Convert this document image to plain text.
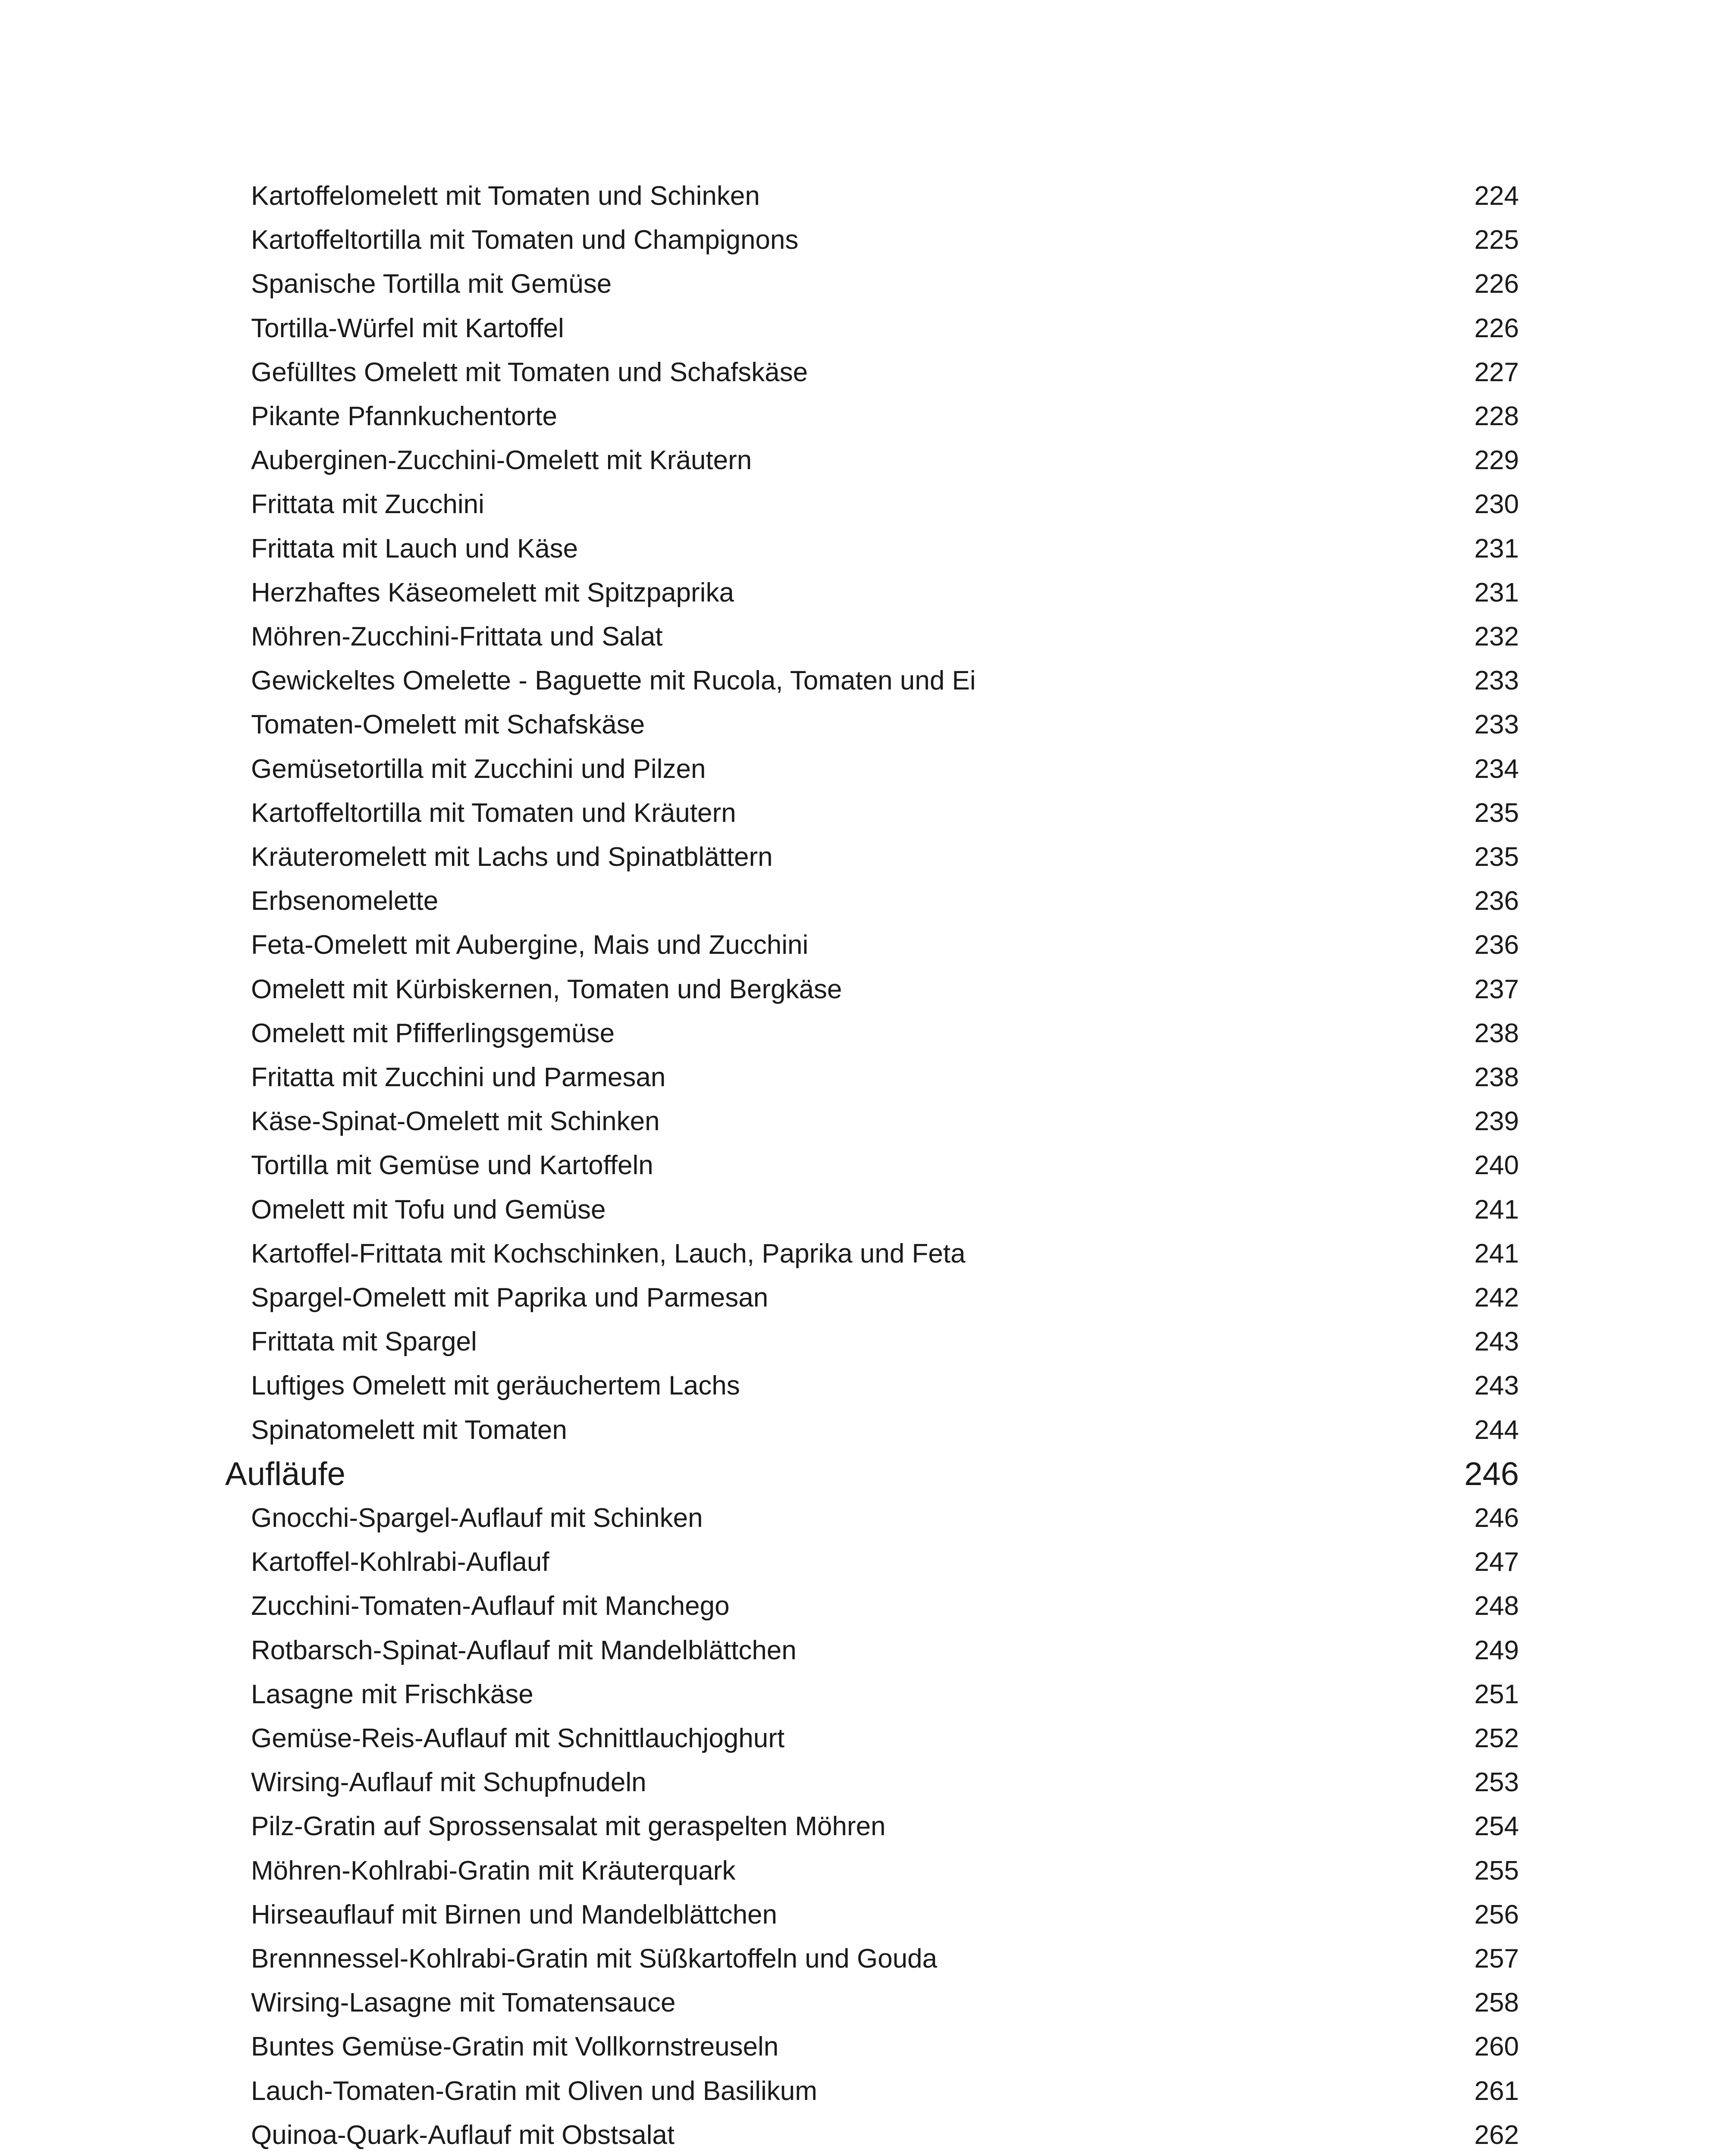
Kartoffelomelett mit Tomaten und Schinken	224
Kartoffeltortilla mit Tomaten und Champignons	225
Spanische Tortilla mit Gemüse	226
Tortilla-Würfel mit Kartoffel	226
Gefülltes Omelett mit Tomaten und Schafskäse	227
Pikante Pfannkuchentorte	228
Auberginen-Zucchini-Omelett mit Kräutern	229
Frittata mit Zucchini	230
Frittata mit Lauch und Käse	231
Herzhaftes Käseomelett mit Spitzpaprika	231
Möhren-Zucchini-Frittata und Salat	232
Gewickeltes Omelette - Baguette mit Rucola, Tomaten und Ei	233
Tomaten-Omelett mit Schafskäse	233
Gemüsetortilla mit Zucchini und Pilzen	234
Kartoffeltortilla mit Tomaten und Kräutern	235
Kräuteromelett mit Lachs und Spinatblättern	235
Erbsenomelette	236
Feta-Omelett mit Aubergine, Mais und Zucchini	236
Omelett mit Kürbiskernen, Tomaten und Bergkäse	237
Omelett mit Pfifferlingsgemüse	238
Fritatta mit Zucchini und Parmesan	238
Käse-Spinat-Omelett mit Schinken	239
Tortilla mit Gemüse und Kartoffeln	240
Omelett mit Tofu und Gemüse	241
Kartoffel-Frittata mit Kochschinken, Lauch, Paprika und Feta	241
Spargel-Omelett mit Paprika und Parmesan	242
Frittata mit Spargel	243
Luftiges Omelett mit geräuchertem Lachs	243
Spinatomelett mit Tomaten	244
Aufläufe	246
Gnocchi-Spargel-Auflauf mit Schinken	246
Kartoffel-Kohlrabi-Auflauf	247
Zucchini-Tomaten-Auflauf mit Manchego	248
Rotbarsch-Spinat-Auflauf mit Mandelblättchen	249
Lasagne mit Frischkäse	251
Gemüse-Reis-Auflauf mit Schnittlauchjoghurt	252
Wirsing-Auflauf mit Schupfnudeln	253
Pilz-Gratin auf Sprossensalat mit geraspelten Möhren	254
Möhren-Kohlrabi-Gratin mit Kräuterquark	255
Hirseauflauf mit Birnen und Mandelblättchen	256
Brennnessel-Kohlrabi-Gratin mit Süßkartoffeln und Gouda	257
Wirsing-Lasagne mit Tomatensauce	258
Buntes Gemüse-Gratin mit Vollkornstreuseln	260
Lauch-Tomaten-Gratin mit Oliven und Basilikum	261
Quinoa-Quark-Auflauf mit Obstsalat	262
